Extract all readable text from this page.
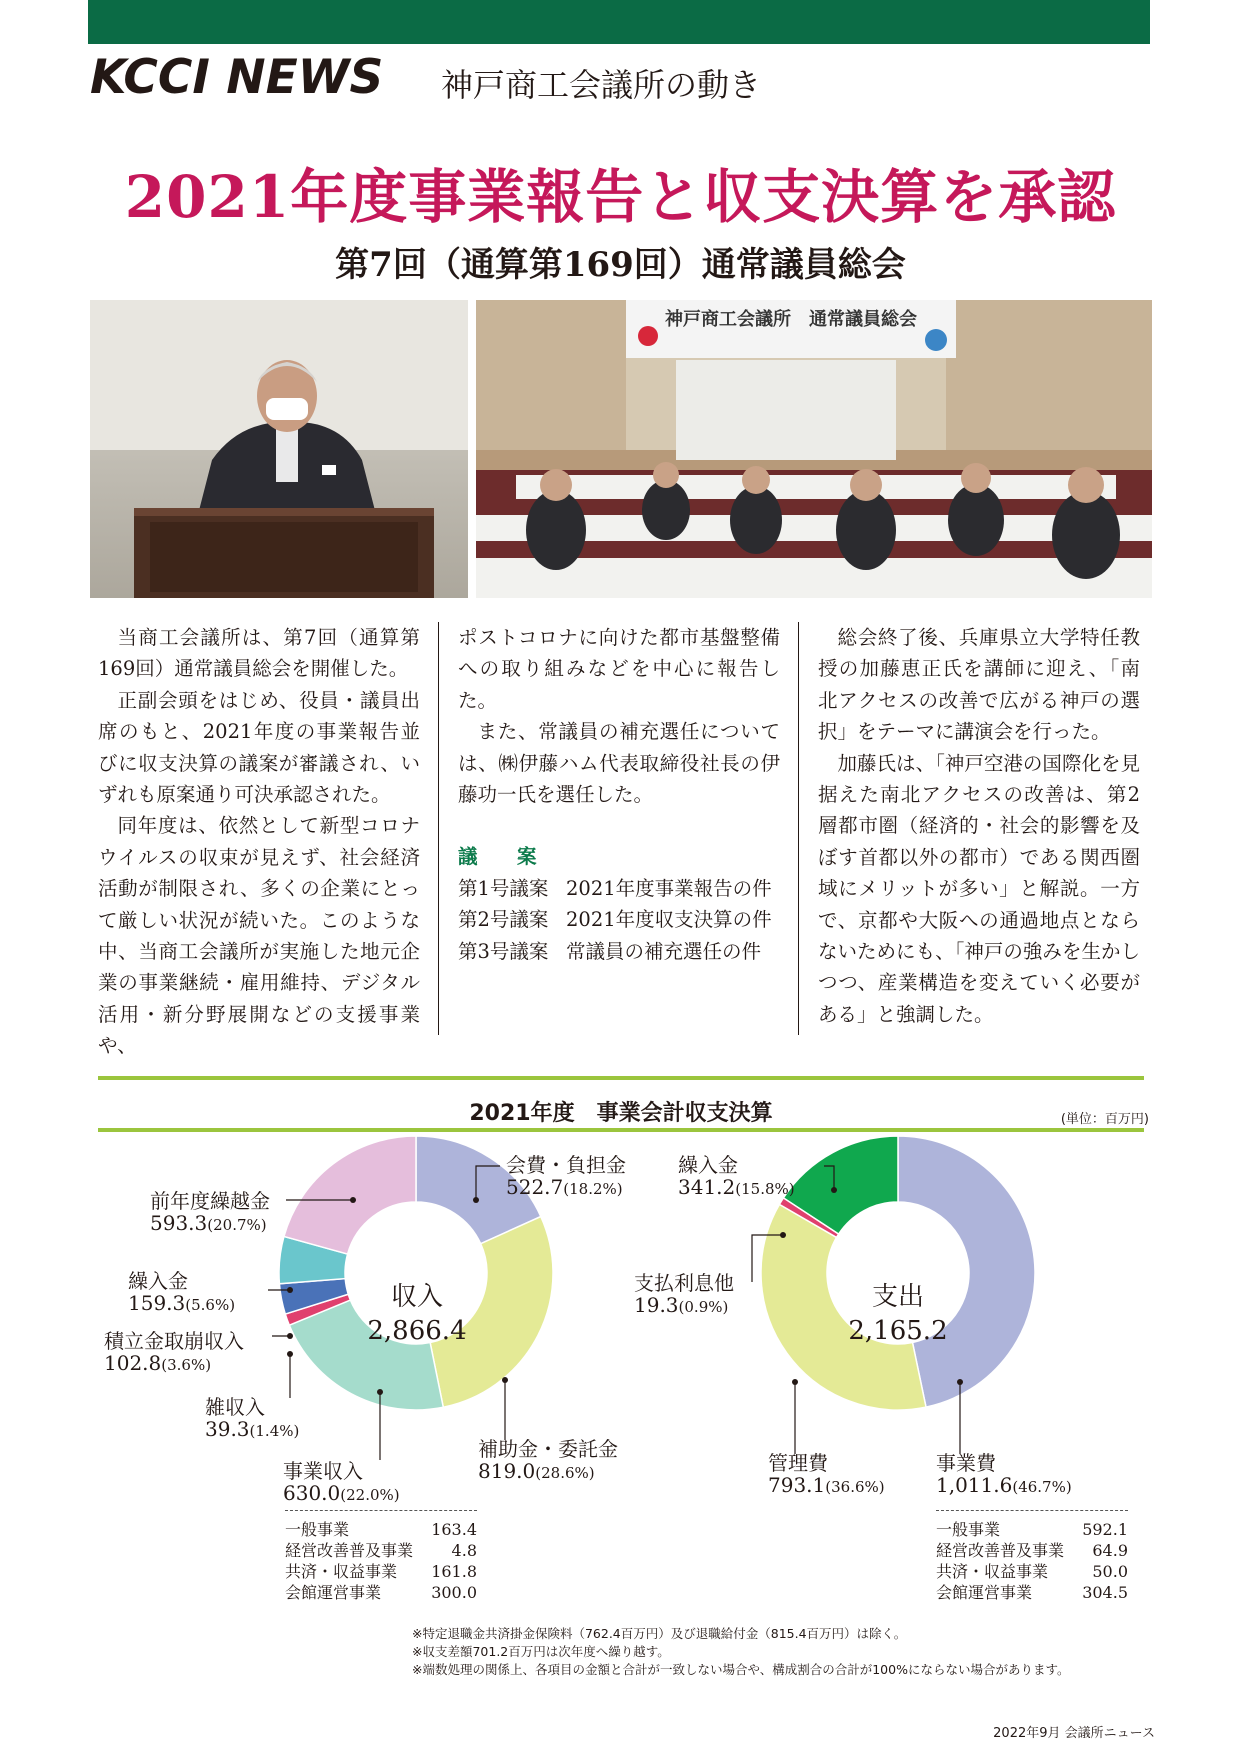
KCCI NEWS 神戸商工会議所の動き
2021年度事業報告と収支決算を承認
第7回（通算第169回）通常議員総会
神戸商工会議所　通常議員総会

当商工会議所は、第7回（通算第169回）通常議員総会を開催した。

正副会頭をはじめ、役員・議員出席のもと、2021年度の事業報告並びに収支決算の議案が審議され、いずれも原案通り可決承認された。

同年度は、依然として新型コロナウイルスの収束が見えず、社会経済活動が制限され、多くの企業にとって厳しい状況が続いた。このような中、当商工会議所が実施した地元企業の事業継続・雇用維持、デジタル活用・新分野展開などの支援事業や、

ポストコロナに向けた都市基盤整備への取り組みなどを中心に報告した。

また、常議員の補充選任については、㈱伊藤ハム代表取締役社長の伊藤功一氏を選任した。

議　案

第1号議案 2021年度事業報告の件

第2号議案 2021年度収支決算の件

第3号議案 常議員の補充選任の件

総会終了後、兵庫県立大学特任教授の加藤恵正氏を講師に迎え、「南北アクセスの改善で広がる神戸の選択」をテーマに講演会を行った。

加藤氏は、「神戸空港の国際化を見据えた南北アクセスの改善は、第2層都市圏（経済的・社会的影響を及ぼす首都以外の都市）である関西圏域にメリットが多い」と解説。一方で、京都や大阪への通過地点とならないためにも、「神戸の強みを生かしつつ、産業構造を変えていく必要がある」と強調した。

2021年度　事業会計収支決算	(単位：百万円)
会費・負担金
522.7(18.2%)
前年度繰越金
593.3(20.7%)
繰入金
159.3(5.6%)
積立金取崩収入
102.8(3.6%)
雑収入
39.3(1.4%)
事業収入
630.0(22.0%)
補助金・委託金
819.0(28.6%)
収入
2,866.4
一般事業	163.4
経営改善普及事業 4.8
共済・収益事業 161.8
会館運営事業	300.0
繰入金
341.2(15.8%)
支払利息他
19.3(0.9%)
管理費
793.1(36.6%)
事業費
1,011.6(46.7%)
支出
2,165.2
一般事業	592.1
経営改善普及事業 64.9
共済・収益事業	50.0
会館運営事業	304.5
※特定退職金共済掛金保険料（762.4百万円）及び退職給付金（815.4百万円）は除く。
※収支差額701.2百万円は次年度へ繰り越す。
※端数処理の関係上、各項目の金額と合計が一致しない場合や、構成割合の合計が100%にならない場合があります。
2022年9月 会議所ニュース
